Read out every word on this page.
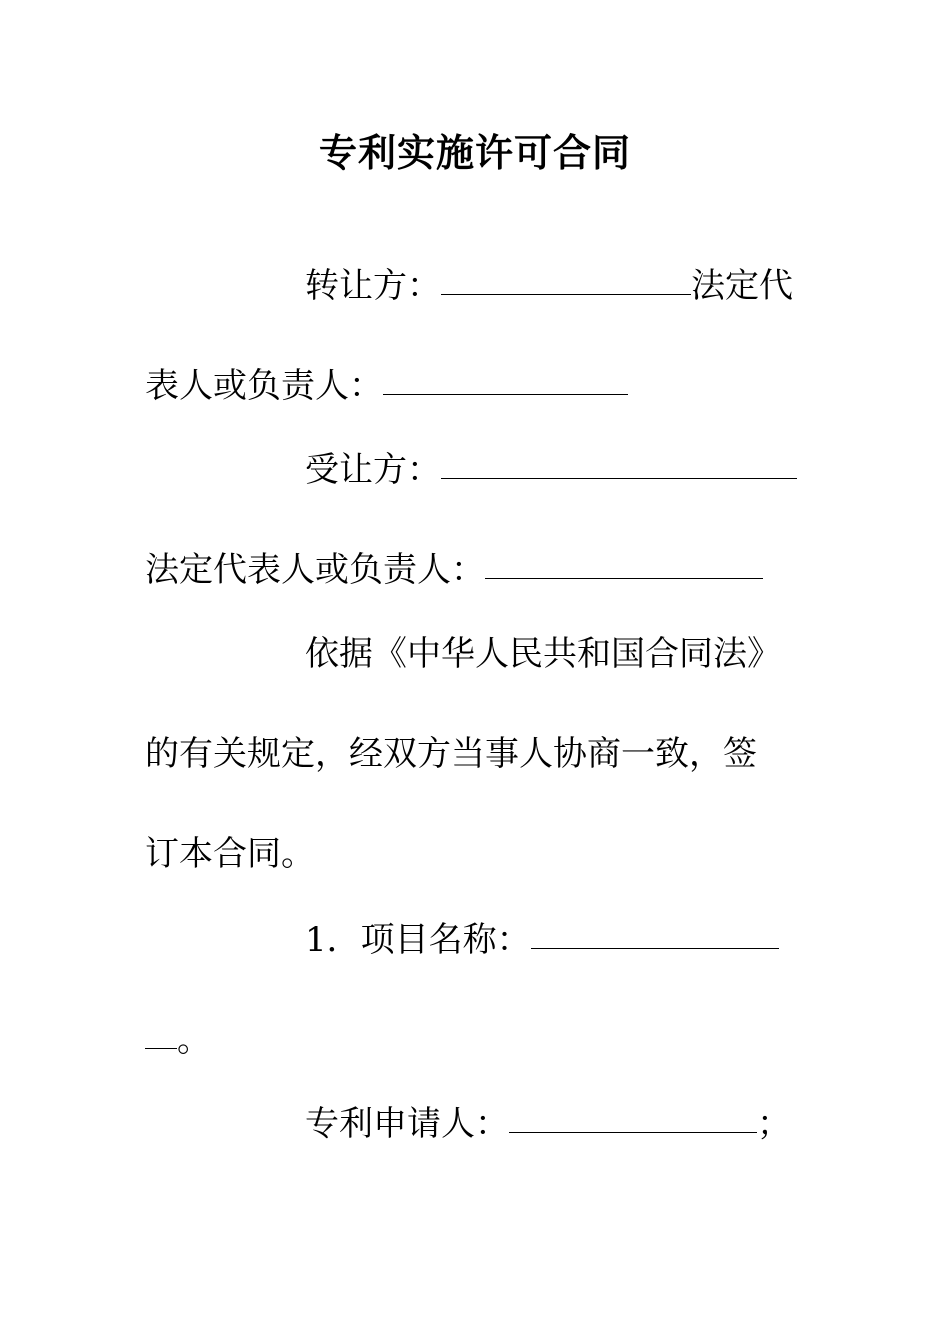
专利实施许可合同
转让方：	法定代
表人或负责人：
受让方：
法定代表人或负责人：
依据《中华人民共和国合同法》
的有关规定，经双方当事人协商一致，签
订本合同。
1．项目名称：
。
专利申请人：	；
